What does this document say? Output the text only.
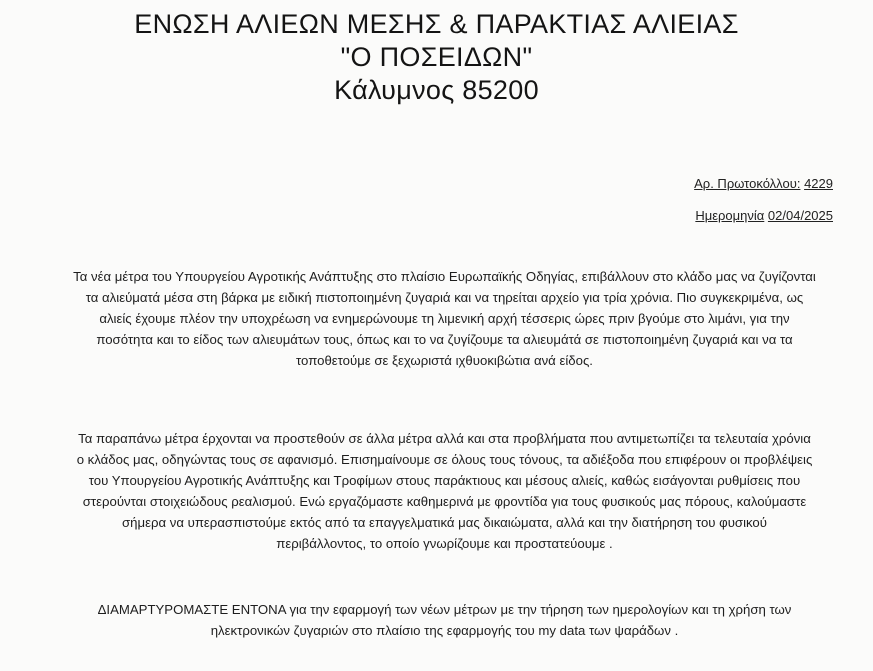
ΕΝΩΣΗ ΑΛΙΕΩΝ ΜΕΣΗΣ & ΠΑΡΑΚΤΙΑΣ ΑΛΙΕΙΑΣ
"Ο ΠΟΣΕΙΔΩΝ"
Κάλυμνος 85200
Αρ. Πρωτοκόλλου: 4229
Ημερομηνία 02/04/2025
Τα νέα μέτρα του Υπουργείου Αγροτικής Ανάπτυξης στο πλαίσιο Ευρωπαϊκής Οδηγίας, επιβάλλουν στο κλάδο μας να ζυγίζονται
τα αλιεύματά μέσα στη βάρκα με ειδική πιστοποιημένη ζυγαριά και να τηρείται αρχείο για τρία χρόνια. Πιο συγκεκριμένα, ως
αλιείς έχουμε πλέον την υποχρέωση να ενημερώνουμε τη λιμενική αρχή τέσσερις ώρες πριν βγούμε στο λιμάνι, για την
ποσότητα και το είδος των αλιευμάτων τους, όπως και το να ζυγίζουμε τα αλιευμάτά σε πιστοποιημένη ζυγαριά και να τα
τοποθετούμε σε ξεχωριστά ιχθυοκιβώτια ανά είδος.
Τα παραπάνω μέτρα έρχονται να προστεθούν σε άλλα μέτρα αλλά και στα προβλήματα που αντιμετωπίζει τα τελευταία χρόνια
ο κλάδος μας, οδηγώντας τους σε αφανισμό. Επισημαίνουμε σε όλους τους τόνους, τα αδιέξοδα που επιφέρουν οι προβλέψεις
του Υπουργείου Αγροτικής Ανάπτυξης και Τροφίμων στους παράκτιους και μέσους αλιείς, καθώς εισάγονται ρυθμίσεις που
στερούνται στοιχειώδους ρεαλισμού. Ενώ εργαζόμαστε καθημερινά με φροντίδα για τους φυσικούς μας πόρους, καλούμαστε
σήμερα να υπερασπιστούμε εκτός από τα επαγγελματικά μας δικαιώματα, αλλά και την διατήρηση του φυσικού
περιβάλλοντος, το οποίο γνωρίζουμε και προστατεύουμε .
ΔΙΑΜΑΡΤΥΡΟΜΑΣΤΕ ΕΝΤΟΝΑ για την εφαρμογή των νέων μέτρων με την τήρηση των ημερολογίων και τη χρήση των
ηλεκτρονικών ζυγαριών στο πλαίσιο της εφαρμογής του my data των ψαράδων .
